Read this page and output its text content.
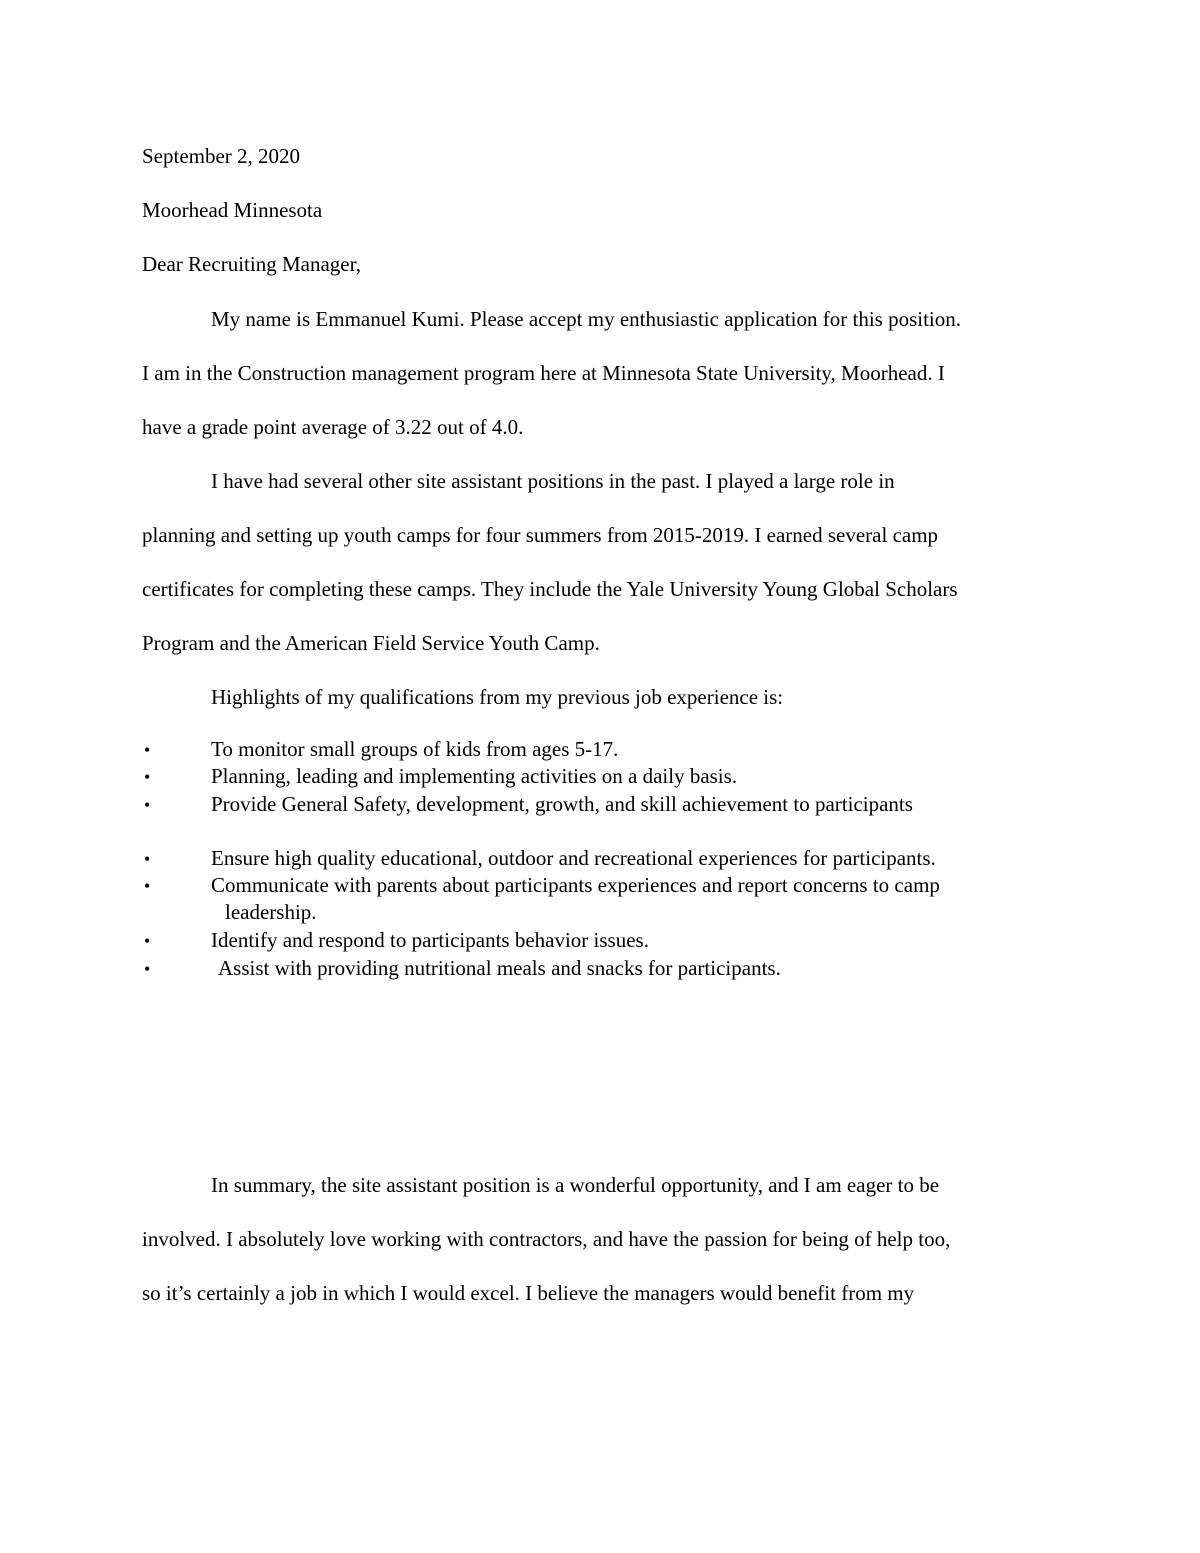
September 2, 2020
Moorhead Minnesota
Dear Recruiting Manager,
My name is Emmanuel Kumi. Please accept my enthusiastic application for this position.
I am in the Construction management program here at Minnesota State University, Moorhead. I
have a grade point average of 3.22 out of 4.0.
I have had several other site assistant positions in the past. I played a large role in
planning and setting up youth camps for four summers from 2015-2019. I earned several camp
certificates for completing these camps. They include the Yale University Young Global Scholars
Program and the American Field Service Youth Camp.
Highlights of my qualifications from my previous job experience is:
•	To monitor small groups of kids from ages 5-17.
•	Planning, leading and implementing activities on a daily basis.
•	Provide General Safety, development, growth, and skill achievement to participants
•	Ensure high quality educational, outdoor and recreational experiences for participants.
•	Communicate with parents about participants experiences and report concerns to camp
leadership.
•	Identify and respond to participants behavior issues.
•	Assist with providing nutritional meals and snacks for participants.
In summary, the site assistant position is a wonderful opportunity, and I am eager to be
involved. I absolutely love working with contractors, and have the passion for being of help too,
so it’s certainly a job in which I would excel. I believe the managers would benefit from my
